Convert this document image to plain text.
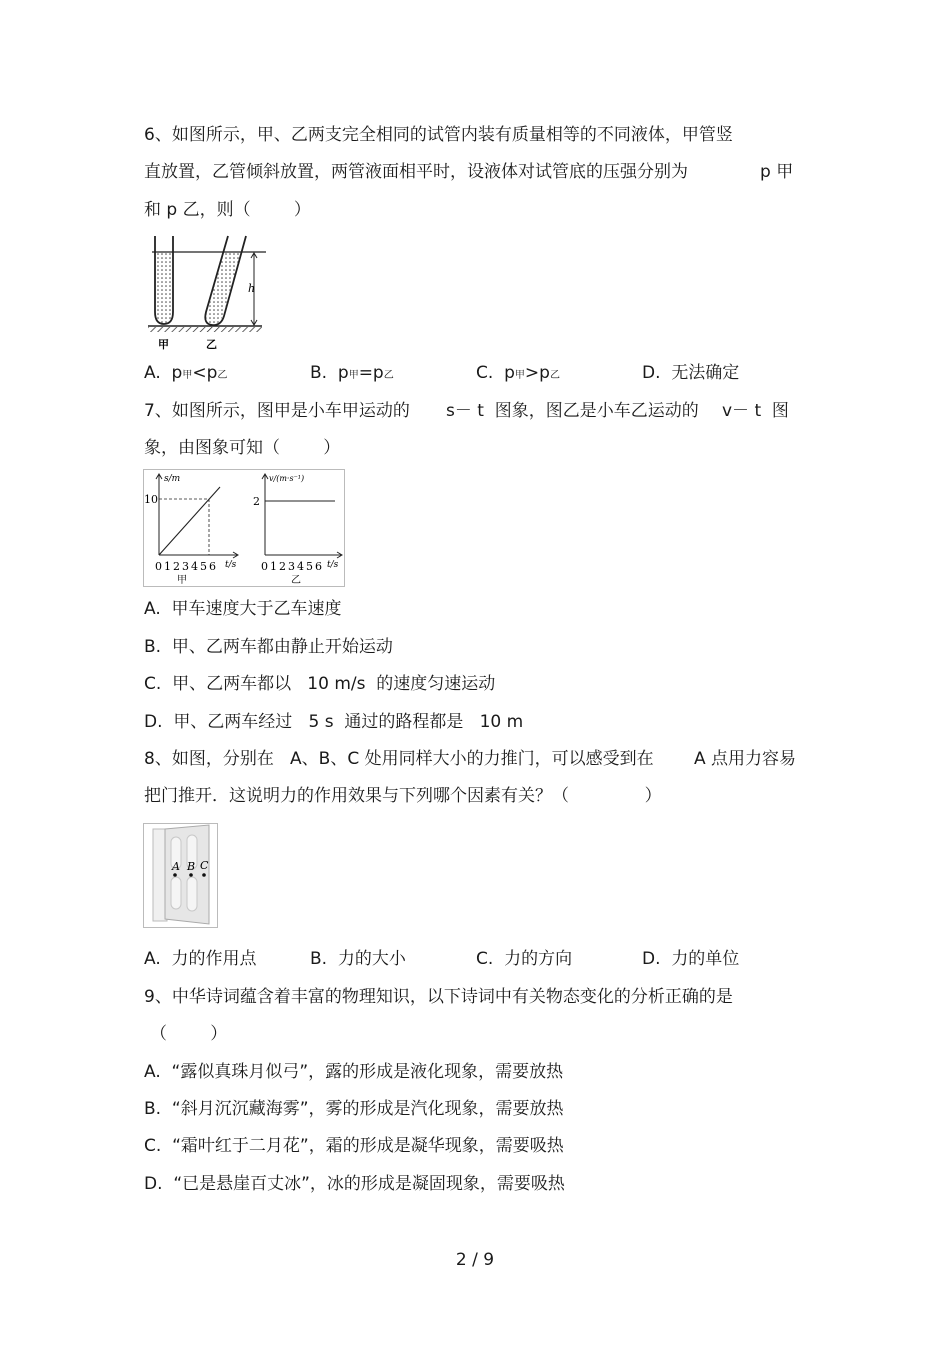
6、如图所示，甲、乙两支完全相同的试管内装有质量相等的不同液体，甲管竖
直放置，乙管倾斜放置，两管液面相平时，设液体对试管底的压强分别为	p 甲
和 p 乙，则（        ）
h
甲	乙
A. p甲<p乙	B. p甲=p乙	C. p甲>p乙	D. 无法确定
7、如图所示，图甲是小车甲运动的 s－ t  图象，图乙是小车乙运动的 v－ t  图
象，由图象可知（        ）
s/m
10
t/s
0 1 2 3 4 5 6
甲
v/(m·s⁻¹)
2
t/s
0 1 2 3 4 5 6
乙
A. 甲车速度大于乙车速度
B. 甲、乙两车都由静止开始运动
C. 甲、乙两车都以   10 m/s  的速度匀速运动
D. 甲、乙两车经过   5 s  通过的路程都是   10 m
8、如图，分别在   A、B、C 处用同样大小的力推门，可以感受到在 A 点用力容易
把门推开．这说明力的作用效果与下列哪个因素有关？（              ）
A B C
A. 力的作用点	B. 力的大小	C. 力的方向	D. 力的单位
9、中华诗词蕴含着丰富的物理知识，以下诗词中有关物态变化的分析正确的是
（        ）
A. “露似真珠月似弓”，露的形成是液化现象，需要放热
B. “斜月沉沉藏海雾”，雾的形成是汽化现象，需要放热
C. “霜叶红于二月花”，霜的形成是凝华现象，需要吸热
D. “已是悬崖百丈冰”，冰的形成是凝固现象，需要吸热
2 / 9
